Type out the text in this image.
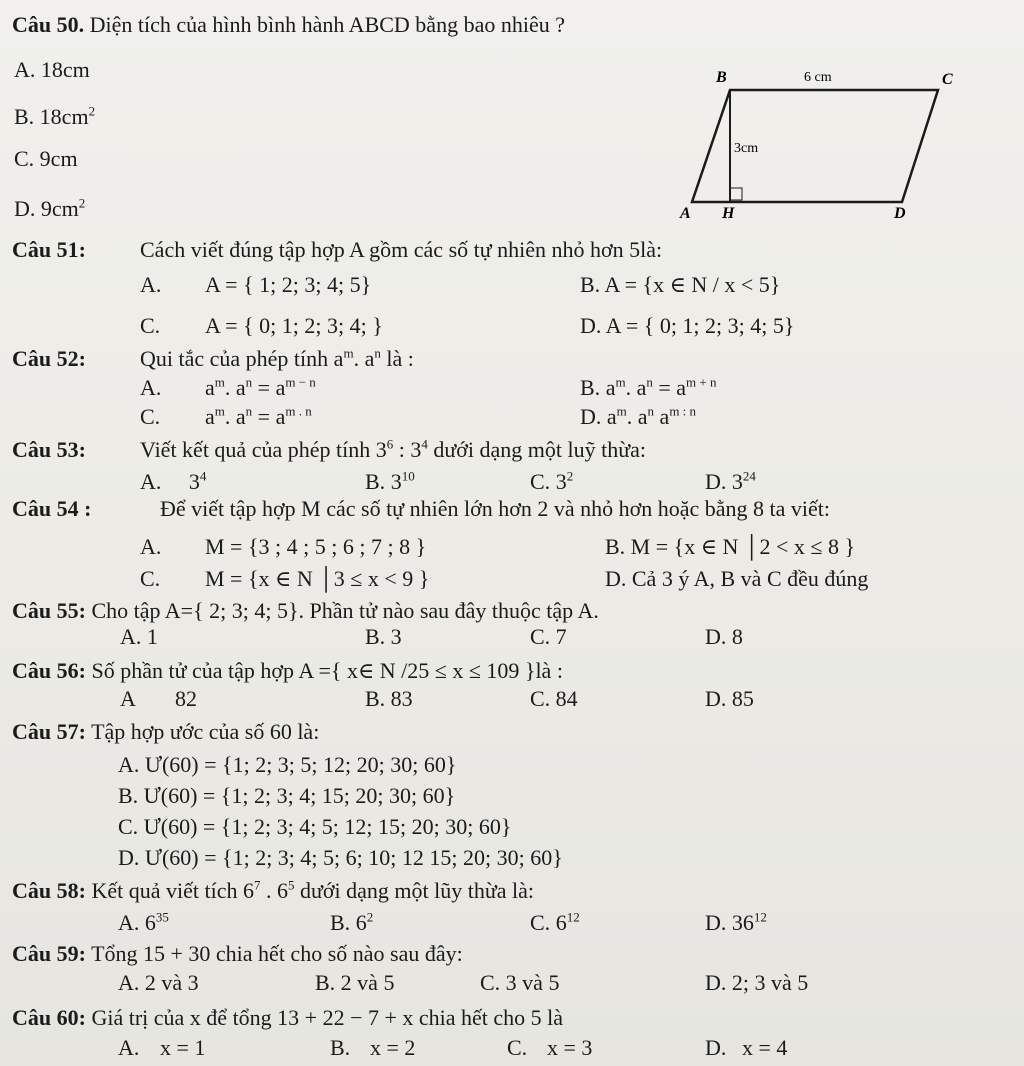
Câu 50. Diện tích của hình bình hành ABCD bằng bao nhiêu ?
A. 18cm
B. $18cm^2$
C. 9cm
D. $9cm^2$
B	C
A H	D
6 cm
3cm
Câu 51: Cách viết đúng tập hợp A gồm các số tự nhiên nhỏ hơn 5là:
A. A = { 1; 2; 3; 4; 5}	B. A = {x ∈ N / x < 5}
C. A = { 0; 1; 2; 3; 4; }	D. A = { 0; 1; 2; 3; 4; 5}
Câu 52: Qui tắc của phép tính $a^m$. $a^n$ là :
A. $a^m$. $a^n = a^{m - n}$	B. $a^m$. $a^n = a^{m + n}$
C. $a^m$. $a^n = a^{m . n}$	D. $a^m$. $a^n$ $a^{m : n}$
Câu 53: Viết kết quả của phép tính $3^6$ : $3^4$ dưới dạng một luỹ thừa:
A. $3^4$	B. $3^{10}$	C. $3^2$	D. $3^{24}$
Câu 54 :	Để viết tập hợp M các số tự nhiên lớn hơn 2 và nhỏ hơn hoặc bằng 8 ta viết:
A. M = {3 ; 4 ; 5 ; 6 ; 7 ; 8 }	B. M = {x ∈ N │2 < x ≤ 8 }
C. M = {x ∈ N │3 ≤ x < 9 }	D. Cả 3 ý A, B và C đều đúng
Câu 55: Cho tập A={ 2; 3; 4; 5}. Phần tử nào sau đây thuộc tập A.
A. 1	B. 3	C. 7	D. 8
Câu 56: Số phần tử của tập hợp A ={ x∈ N /25 ≤ x ≤ 109 }là :
A 82	B. 83	C. 84	D. 85
Câu 57: Tập hợp ước của số 60 là:
A. Ư(60) = {1; 2; 3; 5; 12; 20; 30; 60}
B. Ư(60) = {1; 2; 3; 4; 15; 20; 30; 60}
C. Ư(60) = {1; 2; 3; 4; 5; 12; 15; 20; 30; 60}
D. Ư(60) = {1; 2; 3; 4; 5; 6; 10; 12 15; 20; 30; 60}
Câu 58: Kết quả viết tích $6^7$ . $6^5$ dưới dạng một lũy thừa là:
A. $6^{35}$	B. $6^2$	C. $6^{12}$	D. $36^{12}$
Câu 59: Tổng 15 + 30 chia hết cho số nào sau đây:
A. 2 và 3	B. 2 và 5	C. 3 và 5	D. 2; 3 và 5
Câu 60: Giá trị của x để tổng 13 + 22 − 7 + x chia hết cho 5 là
A. x = 1	B. x = 2	C. x = 3	D. x = 4
